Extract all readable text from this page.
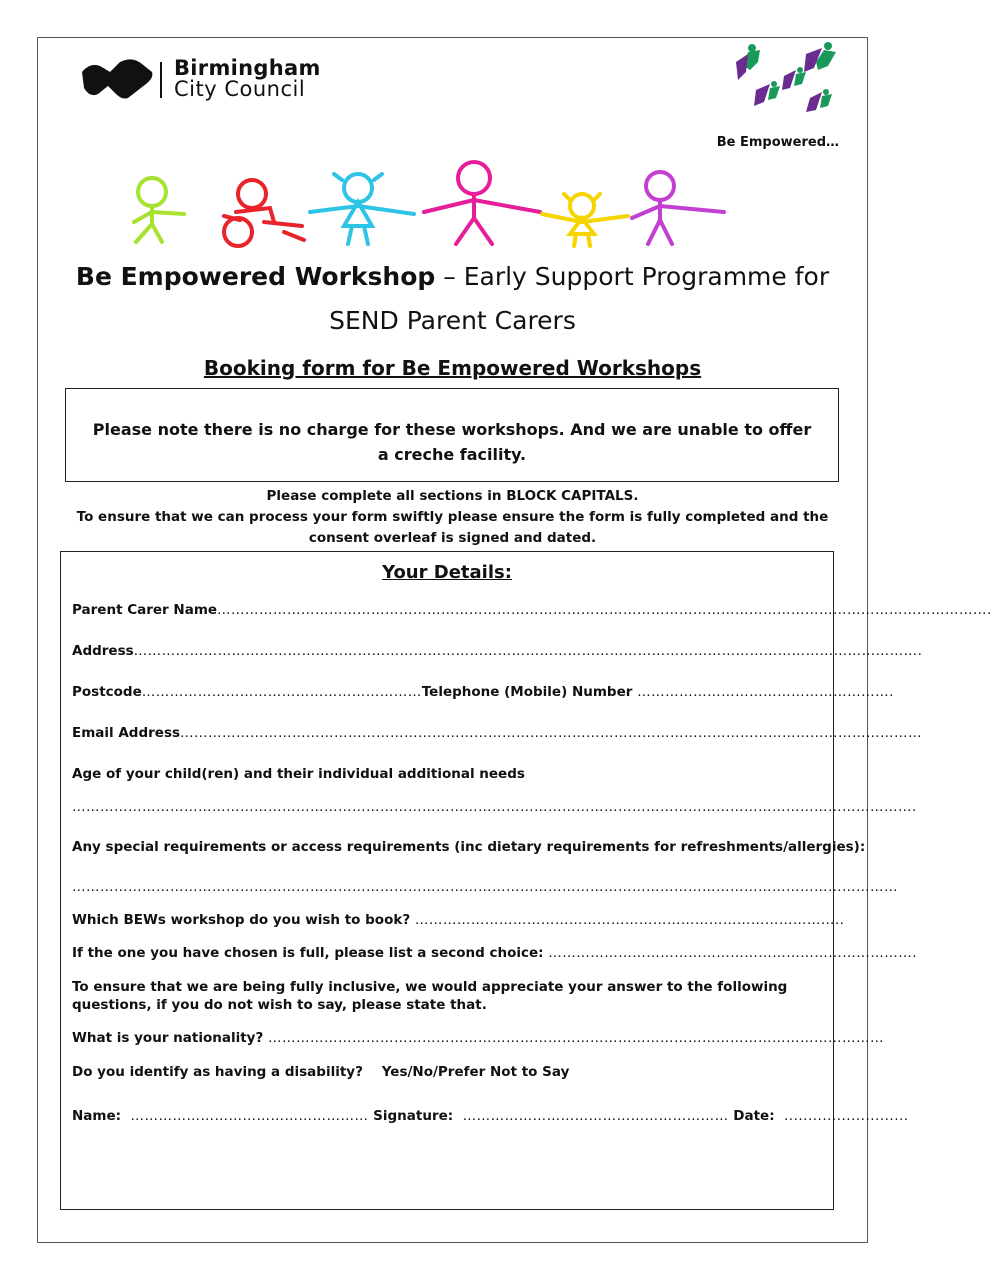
Birmingham
City Council
Be Empowered…
Be Empowered Workshop – Early Support Programme for SEND Parent Carers
Booking form for Be Empowered Workshops
Please note there is no charge for these workshops. And we are unable to offer a creche facility.
Please complete all sections in BLOCK CAPITALS.
To ensure that we can process your form swiftly please ensure the form is fully completed and the consent overleaf is signed and dated.
Your Details:
Parent Carer Name………………………………………………………………………………………………………………………………………………….
Address…………………………………………………………………………………………………………………………………………………….
Postcode……………………………………………………Telephone (Mobile) Number ……………………………………………….
Email Address……………………………………………………………………………………………………………………………………………
Age of your child(ren) and their individual additional needs
……………………………………………………………………………………………………………………………………………………………….
Any special requirements or access requirements (inc dietary requirements for refreshments/allergies):
……………………………………………………………………………………………………………………………………………………………
Which BEWs workshop do you wish to book? ………………………………………………………………………………..
If the one you have chosen is full, please list a second choice: …………………………………………………………………….
To ensure that we are being fully inclusive, we would appreciate your answer to the following questions, if you do not wish to say, please state that.
What is your nationality? ……………………………………………………………………………………………………………………
Do you identify as having a disability? Yes/No/Prefer Not to Say
Name: …………………………………………… Signature: ………………………………………………… Date: ..........................
